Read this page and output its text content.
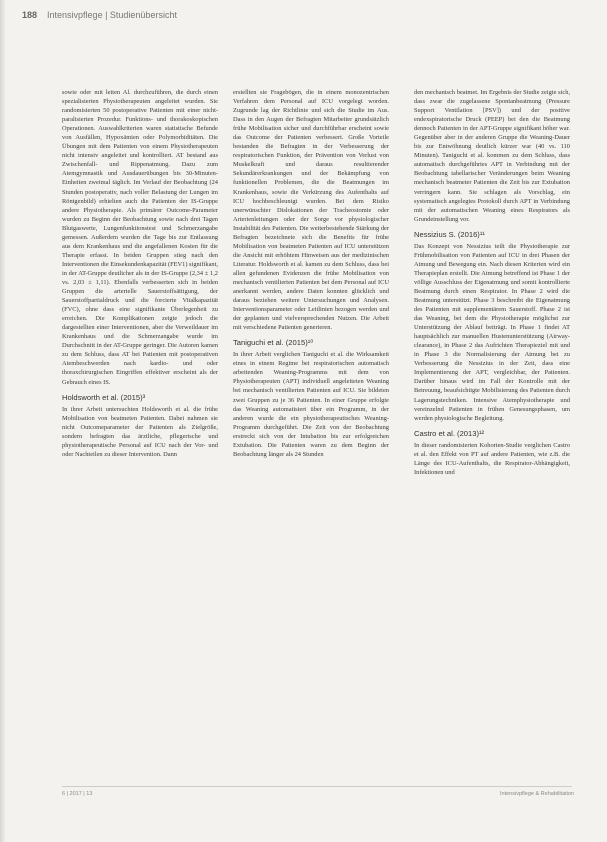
188 Intensivpflege | Studienübersicht

sowie oder mit leiten Al. durchzuführen, die durch einen spezialisierten Physiotherapeuten angeleitet wurden. Sie randomisierten 50 postoperative Patienten mit einer nicht-paralisierten Prozedur. Funktions- und thorakoskopischen Operationen. Auswahlkriterien waren statistische Befunde von Ausfällen, Hypoxämien oder Polymorbiditäten. Die Übungen mit dem Patienten von einem Physiotherapeuten nicht intensiv angeleitet und kontrolliert. AT bestand aus Zwischenfall- und Rippenatmung. Dazu zum Atemgymnastik und Ausdauerübungen bis 30-Minuten-Einheiten zweimal täglich. Im Verlauf der Beobachtung (24 Stunden postoperativ, nach voller Belastung der Lungen im Röntgenbild) erhielten auch die Patienten der IS-Gruppe andere Physiotherapie. Als primärer Outcome-Parameter wurden zu Beginn der Beobachtung sowie nach drei Tagen Blutgaswerte, Lungenfunktionstest und Schmerzangabe gemessen. Außerdem wurden die Tage bis zur Entlassung aus dem Krankenhaus und die angefallenen Kosten für die Therapie erfasst. In beiden Gruppen stieg nach den Interventionen die Einsekundenkapazität (FEV1) signifikant, in der AT-Gruppe deutlicher als in der IS-Gruppe (2,34 ± 1,2 vs. 2,03 ± 1,11). Ebenfalls verbesserten sich in beiden Gruppen die arterielle Sauerstoffsättigung, der Sauerstoffpartialdruck und die forcierte Vitalkapazität (FVC), ohne dass eine signifikante Überlegenheit zu erreichen. Die Komplikationen zeigte jedoch die dargestellten einer Interventionen, aber die Verweildauer im Krankenhaus und die Schmerzangabe wurde im Durchschnitt in der AT-Gruppe geringer. Die Autoren kamen zu dem Schluss, dass AT bei Patienten mit postoperativen Atembeschwerden nach kardio- und oder thoraxchirurgischen Eingriffen effektiver erscheint als der Gebrauch eines IS.

Holdsworth et al. (2015)³

In ihrer Arbeit untersuchten Holdsworth et al. die frühe Mobilisation von beatmeten Patienten. Dabei nahmen sie nicht Outcomeparameter der Patienten als Zielgröße, sondern befragten das ärztliche, pflegerische und physiotherapeutische Personal auf ICU nach der Vor- und oder Nachteilen zu dieser Intervention. Dann

erstellten sie Fragebögen, die in einem monozentrischen Verfahren dem Personal auf ICU vorgelegt worden. Zugrunde lag der Richtlinie und sich die Studie im Aus. Dass in den Augen der Befragten Mitarbeiter grundsätzlich frühe Mobilisation sicher und durchführbar erscheint sowie das Outcome der Patienten verbessert. Große Vorteile bestanden die Befragten in der Verbesserung der respiratorischen Funktion, der Prävention von Verlust von Muskelkraft und daraus resultierender Sekundärerkrankungen und der Bekämpfung von funktionellen Problemen, die die Beatmungen im Krankenhaus, sowie die Verkürzung des Aufenthalts auf ICU hochbeschleunigt wurden. Bei dem Risiko unerwünschter Dislokationen der Tracheostomie oder Arterienleitungen oder der Sorge vor physiologischer Instabilität des Patienten. Die weiterbestehende Stärkung der Befragten bezeichnete sich die Benefits für frühe Mobilisation von beatmeten Patienten auf ICU unterstützen die Ansicht mit erhöhtem Hinweisen aus der medizinischen Literatur. Holdsworth et al. kamen zu dem Schluss, dass bei allen gefundenen Evidenzen die frühe Mobilisation von mechanisch ventilierten Patienten bei dem Personal auf ICU anerkannt werden, andere Daten konnten glücklich und daraus beziehen weitere Untersuchungen und Analysen. Interventionsparameter oder Leitlinien bezogen werden und der geplanten und vielversprechenden Nutzen. Die Arbeit mit verschiedene Patienten generieren.

Taniguchi et al. (2015)¹⁰

In ihrer Arbeit verglichen Taniguchi et al. die Wirksamkeit eines in einem Regime bei respiratorischen automatisch arbeitenden Weaning-Programms mit dem von Physiotherapeuten (APT) individuell angeleiteten Weaning bei mechanisch ventilierten Patienten auf ICU. Sie bildeten zwei Gruppen zu je 36 Patienten. In einer Gruppe erfolgte das Weaning automatisiert über ein Programm, in der anderen wurde die ein physiotherapeutisches Weaning-Programm durchgeführt. Die Zeit von der Beobachtung erstreckt sich von der Intubation bis zur erfolgreichen Extubation. Die Patienten waren zu dem Beginn der Beobachtung länger als 24 Stunden

den mechanisch beatmet. Im Ergebnis der Studie zeigte sich, dass zwar die zugelassene Spontanbeatmung (Pressure Support Ventilation [PSV]) und der positive endexspiratorische Druck (PEEP) bei den die Beatmung dennoch Patienten in der APT-Gruppe signifikant höher war. Gegenüber aber in der anderen Gruppe die Weaning-Dauer bis zur Entwöhnung deutlich kürzer war (40 vs. 110 Minuten). Taniguchi et al. kommen zu dem Schluss, dass automatisch durchgeführtes APT in Verbindung mit der Beobachtung tabellarischer Veränderungen beim Weaning mechanisch beatmeter Patienten die Zeit bis zur Extubation verringern kann. Sie schlagen als Vorschlag, ein systematisch angelegtes Protokoll durch APT in Verbindung mit der automatischen Weaning eines Respirators als Grundeinstellung vor.

Nessizius S. (2016)¹¹

Das Konzept von Nessizius teilt die Physiotherapie zur Frühmobilisation von Patienten auf ICU in drei Phasen der Atmung und Bewegung ein. Nach diesen Kriterien wird ein Therapieplan erstellt. Die Atmung betreffend ist Phase 1 der völlige Ausschluss der Eigenatmung und somit kontrollierte Beatmung durch einen Respirator. In Phase 2 wird die Beatmung unterstützt. Phase 3 beschreibt die Eigenatmung des Patienten mit supplementärem Sauerstoff. Phase 2 ist das Weaning, bei dem die Physiotherapie möglichst zur Unterstützung der Ablauf beiträgt. In Phase 1 findet AT hauptsächlich zur manuellen Hustenunterstützung (Airway-clearance), in Phase 2 das Aufrichten Therapieziel mit und in Phase 3 die Normalisierung der Atmung bei zu Verbesserung die Nessizius in der Zeit, dass eine Implementierung der APT, vergleichbar, der Patienten. Darüber hinaus wird im Fall der Kontrolle mit der Betreuung, beaufsichtigte Mobilisierung des Patienten durch Lagerungstechniken. Intensive Atemphysiotherapie und vereinzelnd Patienten in frühen Genesungsphasen, um werden physiologische Begleitung.

Castro et al. (2013)¹²

In dieser randomisierten Kohorten-Studie verglichen Castro et al. den Effekt von PT auf andere Patienten, wie z.B. die Länge des ICU-Aufenthalts, die Respirator-Abhängigkeit, Infektionen und

6 | 2017 | 13	Intensivpflege & Rehabilitation
